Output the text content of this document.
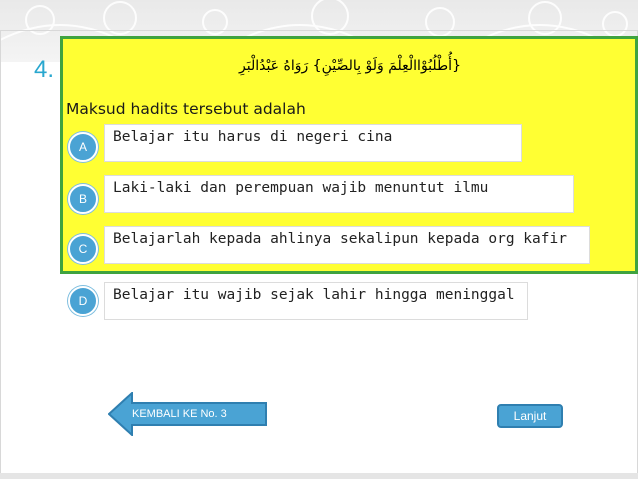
4.	{أُطْلُبُوْاالْعِلْمَ وَلَوْ بِالصِّيْنِ} رَوَاهُ عَبْدُالْبَرِ
Maksud hadits tersebut adalah
A
Belajar itu harus di negeri cina
B
Laki-laki dan perempuan wajib menuntut ilmu
C
Belajarlah kepada ahlinya sekalipun kepada org kafir
D	Belajar itu wajib sejak lahir hingga meninggal
KEMBALI KE No. 3	Lanjut
